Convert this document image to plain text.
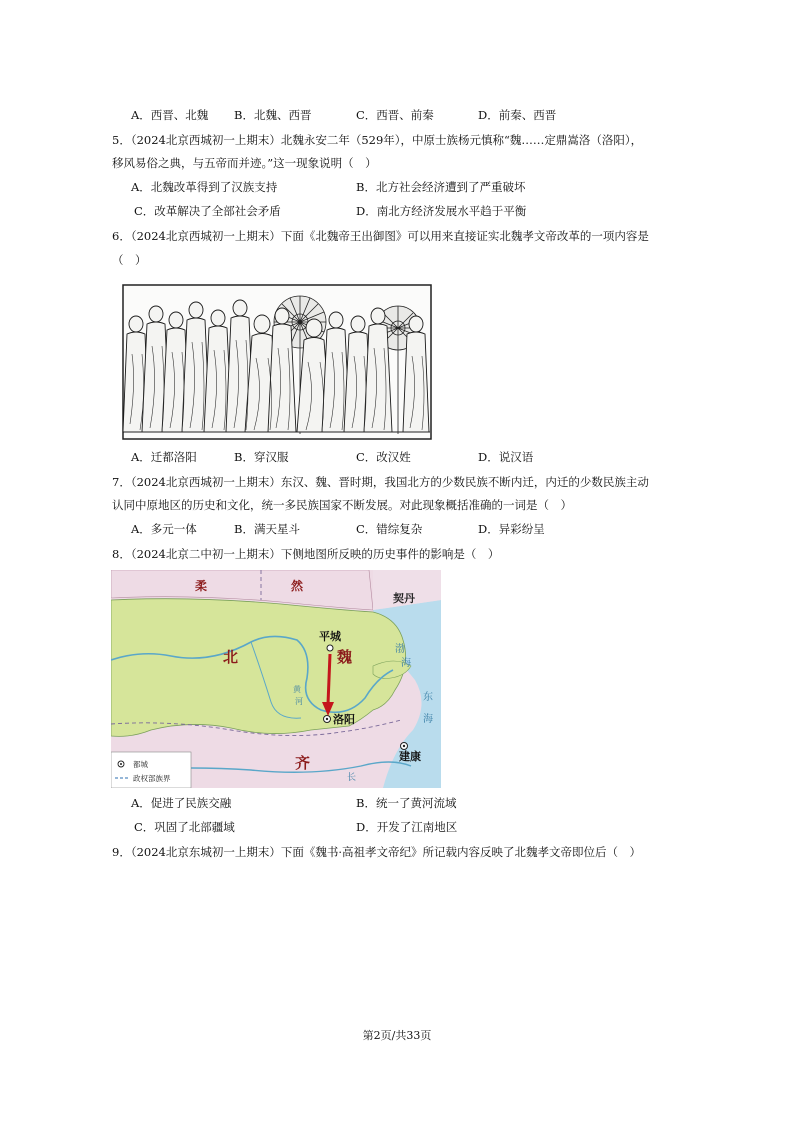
A．西晋、北魏 B．北魏、西晋	C．西晋、前秦	D．前秦、西晋
5．（2024北京西城初一上期末）北魏永安二年（529年），中原士族杨元慎称“魏……定鼎嵩洛（洛阳），
移风易俗之典，与五帝而并迹。”这一现象说明（　）
A．北魏改革得到了汉族支持	B．北方社会经济遭到了严重破坏
C．改革解决了全部社会矛盾	D．南北方经济发展水平趋于平衡
6．（2024北京西城初一上期末）下面《北魏帝王出御图》可以用来直接证实北魏孝文帝改革的一项内容是
（　）
A．迁都洛阳	B．穿汉服	C．改汉姓	D．说汉语
7．（2024北京西城初一上期末）东汉、魏、晋时期，我国北方的少数民族不断内迁，内迁的少数民族主动
认同中原地区的历史和文化，统一多民族国家不断发展。对此现象概括准确的一词是（　）
A．多元一体	B．满天星斗	C．错综复杂	D．异彩纷呈
8．（2024北京二中初一上期末）下侧地图所反映的历史事件的影响是（　）
柔	然
契丹
北	魏
齐
渤
海
东
海
黄
河
长
平城
洛阳
建康
都城
政权部族界
A．促进了民族交融	B．统一了黄河流域
C．巩固了北部疆域	D．开发了江南地区
9．（2024北京东城初一上期末）下面《魏书·高祖孝文帝纪》所记载内容反映了北魏孝文帝即位后（　）
第2页/共33页
